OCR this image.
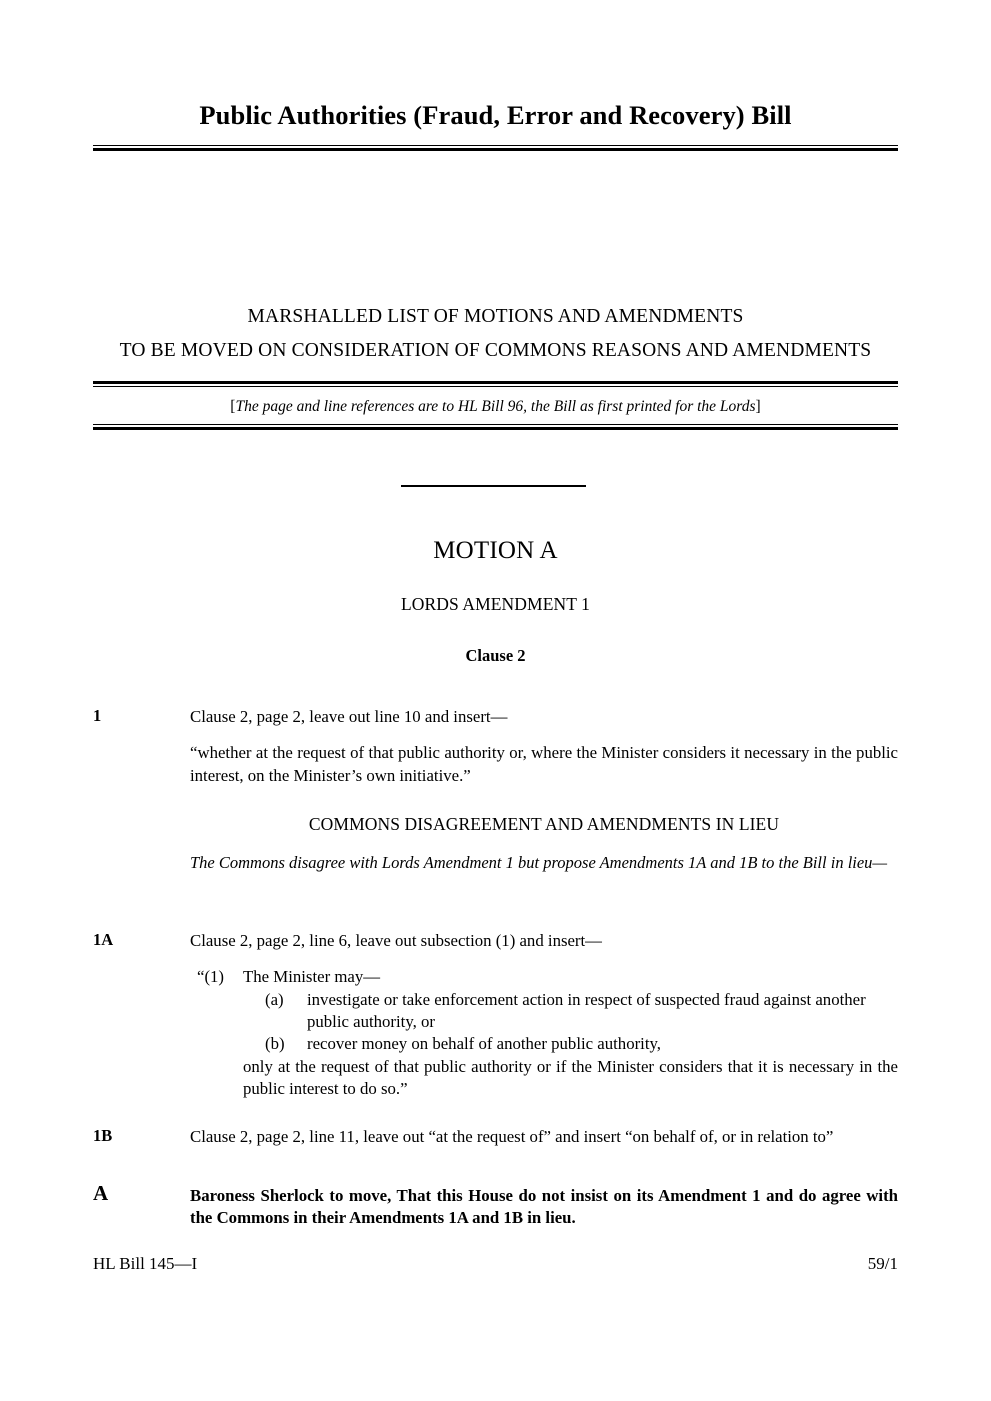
Public Authorities (Fraud, Error and Recovery) Bill
MARSHALLED LIST OF MOTIONS AND AMENDMENTS
TO BE MOVED ON CONSIDERATION OF COMMONS REASONS AND AMENDMENTS
[The page and line references are to HL Bill 96, the Bill as first printed for the Lords]
MOTION A
LORDS AMENDMENT 1
Clause 2
1	Clause 2, page 2, leave out line 10 and insert—
“whether at the request of that public authority or, where the Minister considers it necessary in the public interest, on the Minister’s own initiative.”
COMMONS DISAGREEMENT AND AMENDMENTS IN LIEU
The Commons disagree with Lords Amendment 1 but propose Amendments 1A and 1B to the Bill in lieu—
1A	Clause 2, page 2, line 6, leave out subsection (1) and insert—
“(1) The Minister may—
(a) investigate or take enforcement action in respect of suspected fraud against another public authority, or
(b) recover money on behalf of another public authority,
only at the request of that public authority or if the Minister considers that it is necessary in the public interest to do so.”
1B	Clause 2, page 2, line 11, leave out “at the request of” and insert “on behalf of, or in relation to”
A	Baroness Sherlock to move, That this House do not insist on its Amendment 1 and do agree with the Commons in their Amendments 1A and 1B in lieu.
HL Bill 145—I	59/1
